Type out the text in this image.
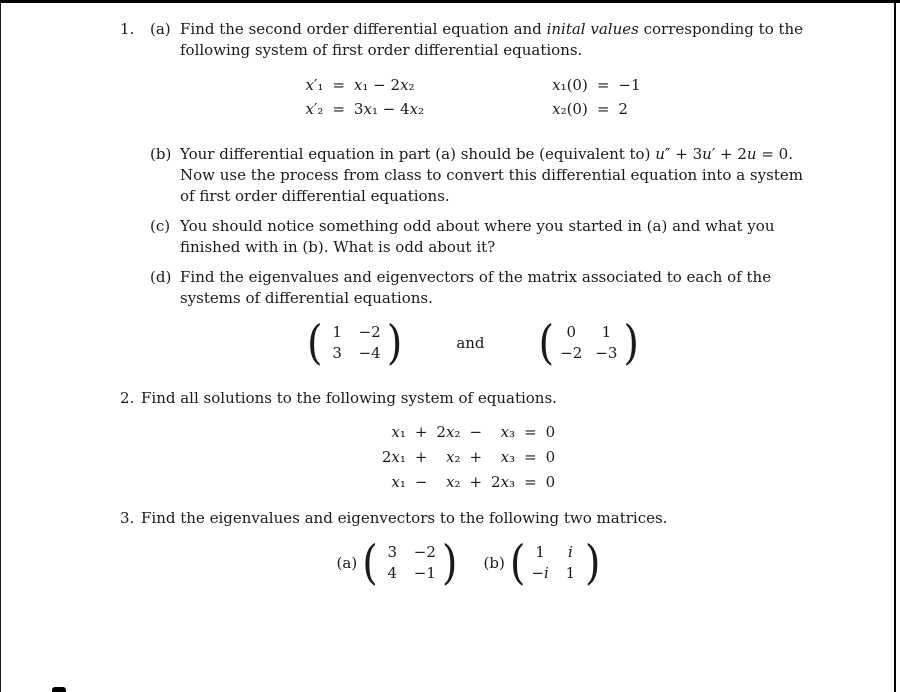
1.	(a) Find the second order differential equation and inital values corresponding to the
following system of first order differential equations.
x′₁ = x₁ − 2x₂
x′₂ = 3x₁ − 4x₂
x₁(0) = −1
x₂(0) = 2
(b) Your differential equation in part (a) should be (equivalent to) u″ + 3u′ + 2u = 0.
Now use the process from class to convert this differential equation into a system
of first order differential equations.
(c) You should notice something odd about where you started in (a) and what you
finished with in (b). What is odd about it?
(d) Find the eigenvalues and eigenvectors of the matrix associated to each of the
systems of differential equations.
( 1 −2
3 −4 )	and ( 0	1
−2 −3 )
2. Find all solutions to the following system of equations.
x₁ + 2x₂ −	x₃ = 0
2x₁ +	x₂ +	x₃ = 0
x₁ −	x₂ + 2x₃ = 0
3. Find the eigenvalues and eigenvectors to the following two matrices.
(a) ( 3 −2
4 −1 ) (b) ( 1	i
−i 1 )
